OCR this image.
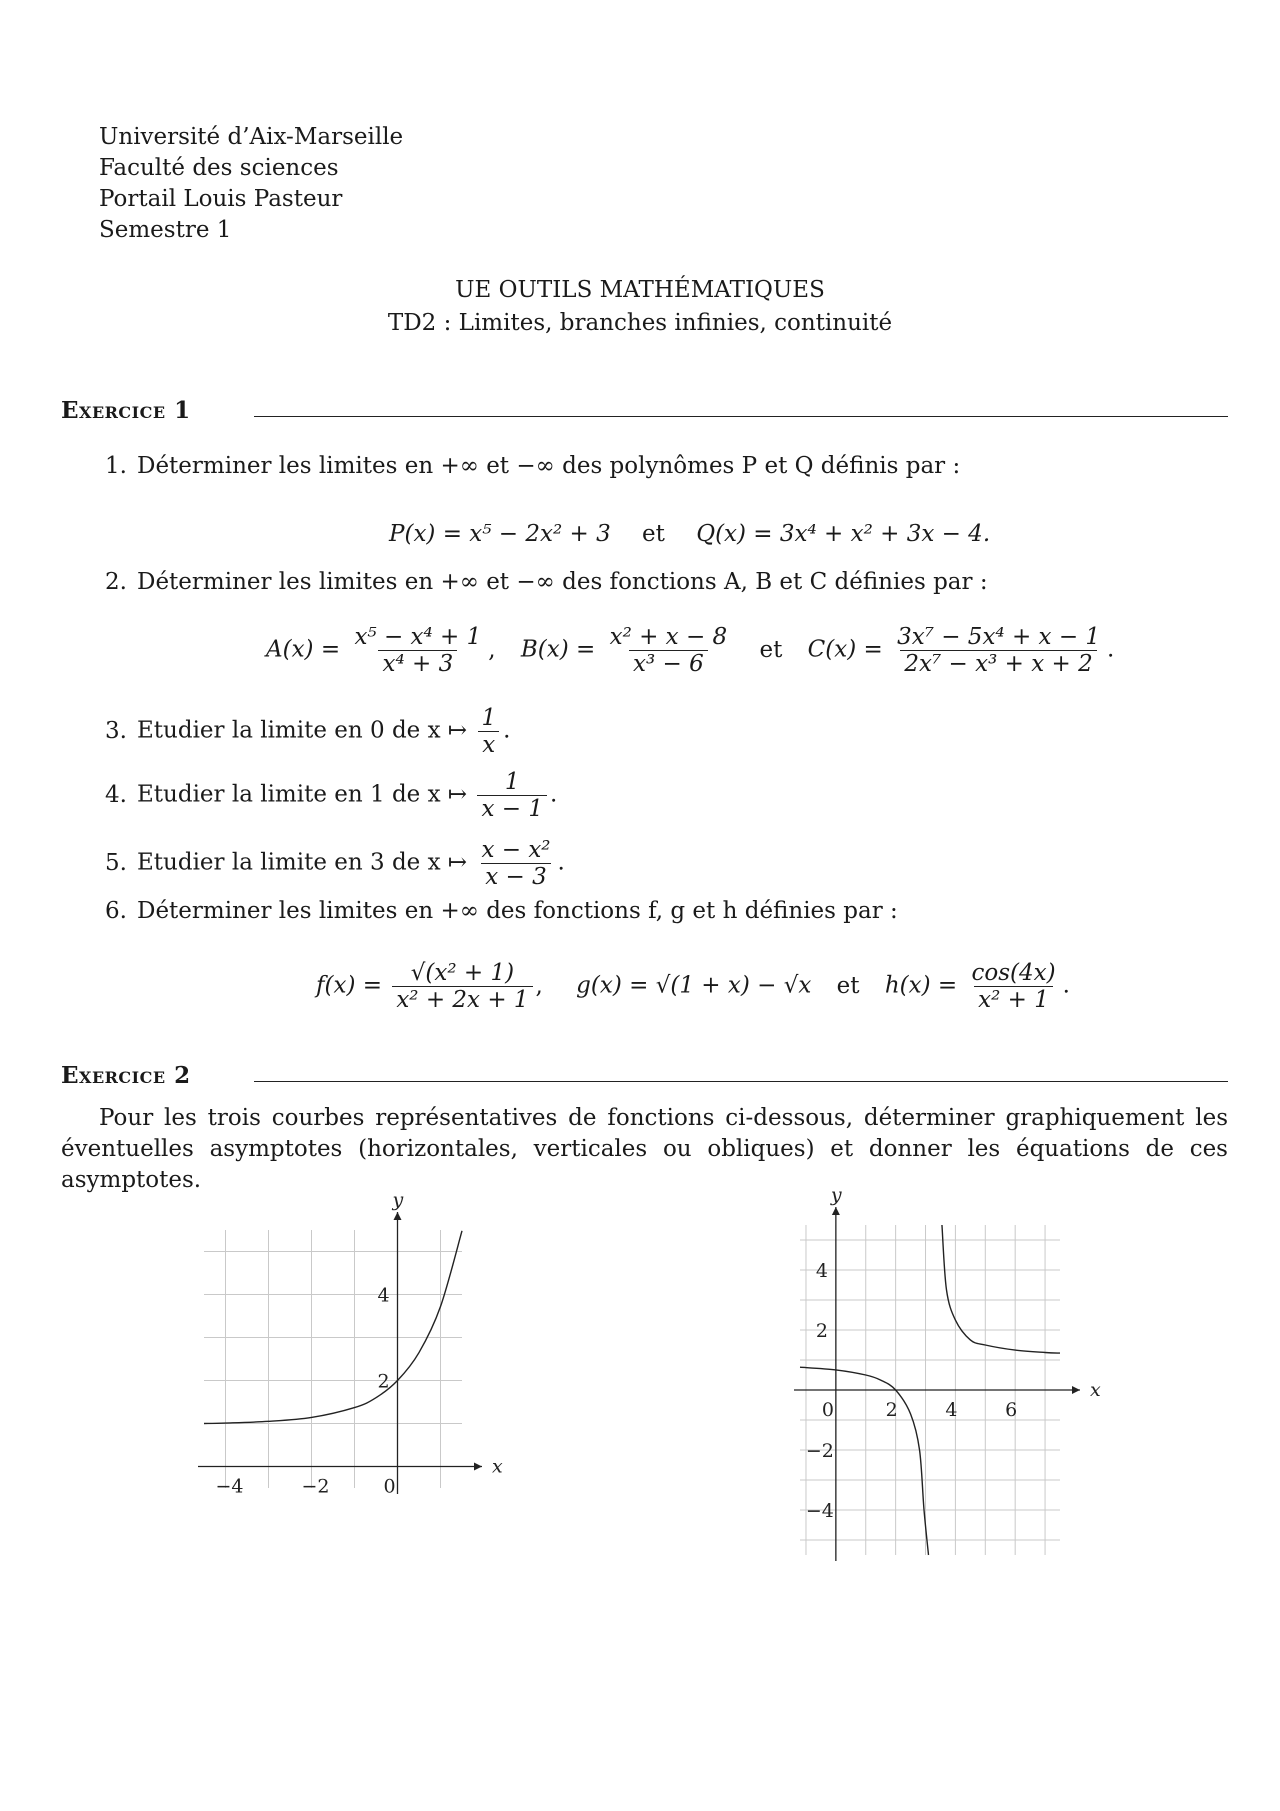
Université d’Aix-Marseille
Faculté des sciences
Portail Louis Pasteur
Semestre 1
UE OUTILS MATHÉMATIQUES
TD2 : Limites, branches infinies, continuité
Exercice 1
1. Déterminer les limites en +∞ et −∞ des polynômes P et Q définis par :
P(x) = x⁵ − 2x² + 3 et Q(x) = 3x⁴ + x² + 3x − 4.
2. Déterminer les limites en +∞ et −∞ des fonctions A, B et C définies par :
$A(x) = \frac{\text{x⁵ − x⁴ + 1}}{\text{x⁴ + 3}}$ , $B(x) = \frac{\text{x² + x − 8}}{\text{x³ − 6}}$ et $C(x) = \frac{\text{3x⁷ − 5x⁴ + x − 1}}{\text{2x⁷ − x³ + x + 2}}$ .
3. Etudier la limite en 0 de x ↦ $\frac{1}{x}$ .
4. Etudier la limite en 1 de x ↦ $\frac{1}{x - 1}$ .
5. Etudier la limite en 3 de x ↦ $\frac{\text{x − x²}}{x - 3}$ .
6. Déterminer les limites en +∞ des fonctions f, g et h définies par :
$f(x) = \frac{\text{√(x² + 1)}}{\text{x² + 2x + 1}}$ , g(x) = √(1 + x) − √x et $h(x) = \frac{\cos(4x)}{\text{x² + 1}}$ .
Exercice 2
Pour les trois courbes représentatives de fonctions ci-dessous, déterminer graphiquement les éventuelles asymptotes (horizontales, verticales ou obliques) et donner les équations de ces asymptotes.
x
y
−4	−2	0
2
4
x
y
0	2	4	6
4
2
−2
−4
